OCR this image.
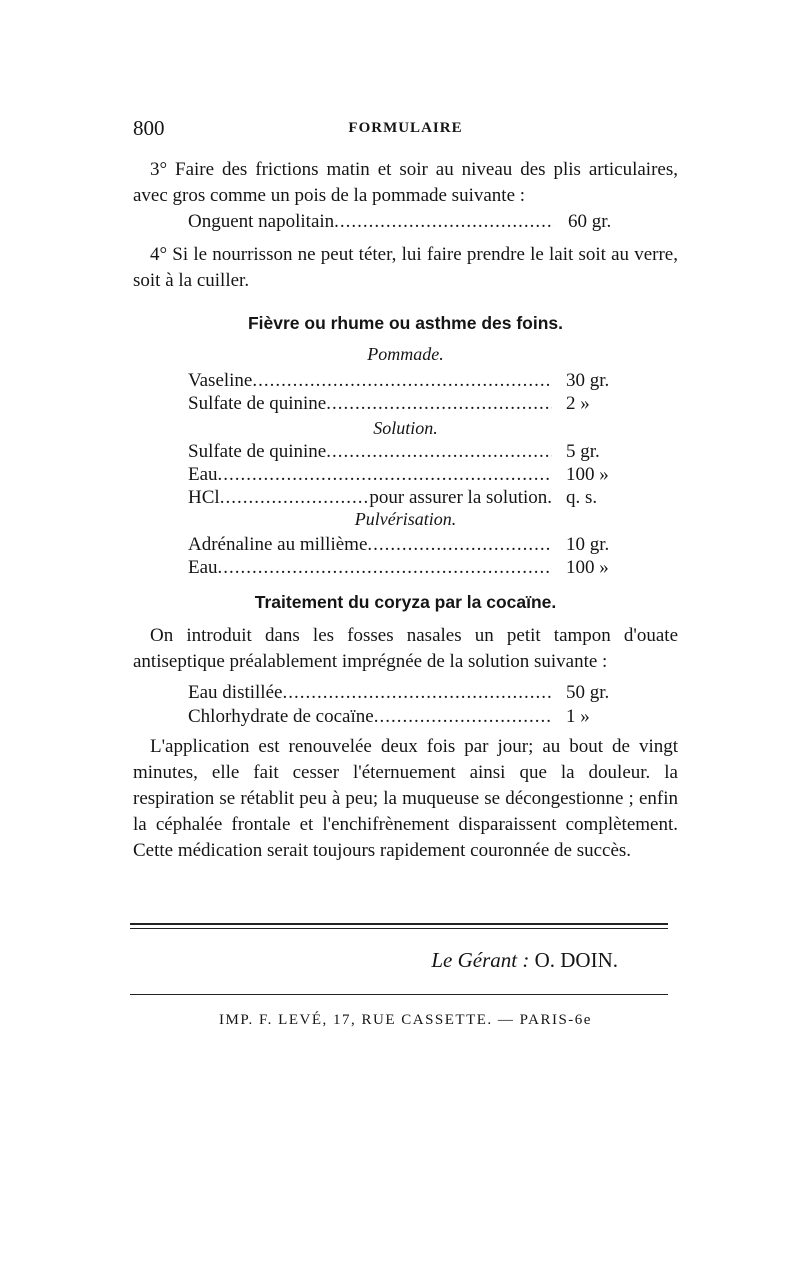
800	FORMULAIRE

3° Faire des frictions matin et soir au niveau des plis articulaires, avec gros comme un pois de la pommade suivante :

Onguent napolitain .....	60 gr.

4° Si le nourrisson ne peut téter, lui faire prendre le lait soit au verre, soit à la cuiller.

Fièvre ou rhume ou asthme des foins.
Pommade.
Vaseline .....	30 gr.
Sulfate de quinine .....	2 »
Solution.
Sulfate de quinine .....	5 gr.
Eau .....	100 »
HCl .....	pour assurer la solution. q. s.
Pulvérisation.
Adrénaline au millième .....	10 gr.
Eau .....	100 »
Traitement du coryza par la cocaïne.

On introduit dans les fosses nasales un petit tampon d'ouate antiseptique préalablement imprégnée de la solution suivante :

Eau distillée .....	50 gr.
Chlorhydrate de cocaïne .....	1 »

L'application est renouvelée deux fois par jour; au bout de vingt minutes, elle fait cesser l'éternuement ainsi que la douleur. la respiration se rétablit peu à peu; la muqueuse se décongestionne ; enfin la céphalée frontale et l'enchifrènement disparaissent complètement. Cette médication serait toujours rapidement couronnée de succès.

Le Gérant : O. DOIN.
IMP. F. LEVÉ, 17, RUE CASSETTE. — PARIS-6e
